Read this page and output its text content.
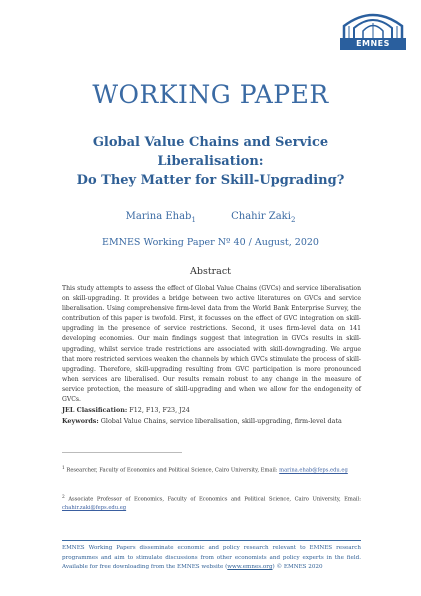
EMNES
WORKING PAPER
Global Value Chains and Service
Liberalisation:
Do They Matter for Skill-Upgrading?
Marina Ehab$_1$	Chahir Zaki$_2$
EMNES Working Paper Nº 40 / August, 2020
Abstract

This study attempts to assess the effect of Global Value Chains (GVCs) and service liberalisation on skill-upgrading. It provides a bridge between two active literatures on GVCs and service liberalisation. Using comprehensive firm-level data from the World Bank Enterprise Survey, the contribution of this paper is twofold. First, it focusses on the effect of GVC integration on skill-upgrading in the presence of service restrictions. Second, it uses firm-level data on 141 developing economies. Our main findings suggest that integration in GVCs results in skill-upgrading, whilst service trade restrictions are associated with skill-downgrading. We argue that more restricted services weaken the channels by which GVCs stimulate the process of skill-upgrading. Therefore, skill-upgrading resulting from GVC participation is more pronounced when services are liberalised. Our results remain robust to any change in the measure of service protection, the measure of skill-upgrading and when we allow for the endogeneity of GVCs.

JEL Classification: F12, F13, F23, J24
Keywords: Global Value Chains, service liberalisation, skill-upgrading, firm-level data
$^1$ Researcher, Faculty of Economics and Political Science, Cairo University, Email: marina.ehab@feps.edu.eg
$^2$ Associate Professor of Economics, Faculty of Economics and Political Science, Cairo University, Email: chahir.zaki@feps.edu.eg
EMNES Working Papers disseminate economic and policy research relevant to EMNES research programmes and aim to stimulate discussions from other economists and policy experts in the field. Available for free downloading from the EMNES website (www.emnes.org) © EMNES 2020
